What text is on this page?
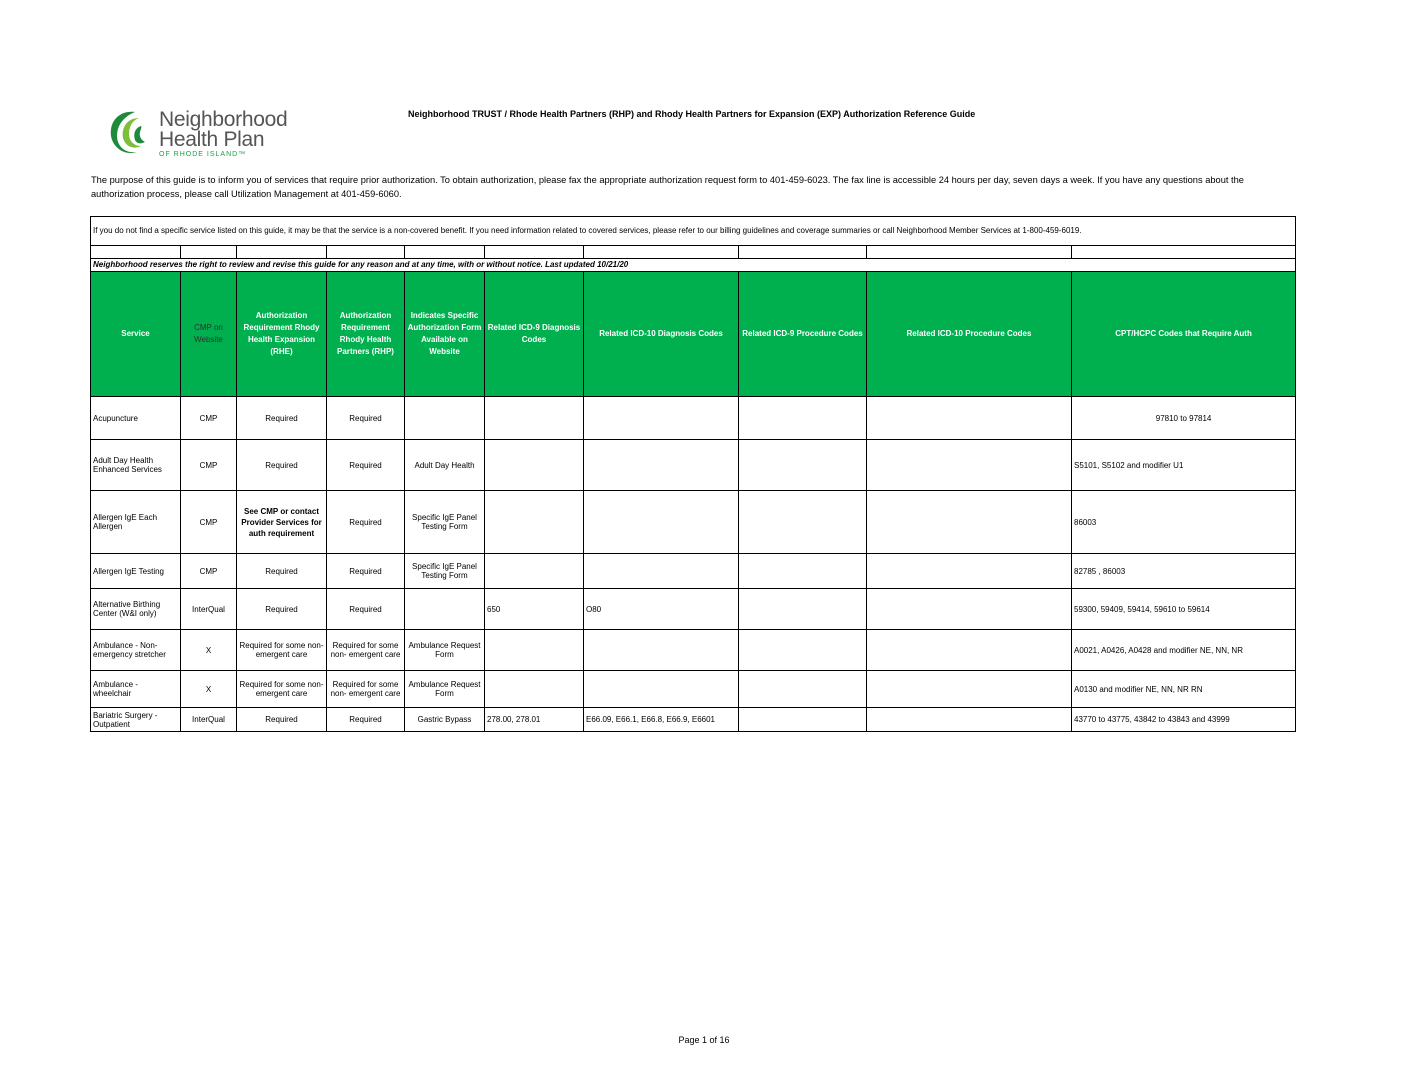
Neighborhood
Health Plan
OF RHODE ISLAND™
Neighborhood TRUST / Rhode Health Partners (RHP) and Rhody Health Partners for Expansion (EXP) Authorization Reference Guide
The purpose of this guide is to inform you of services that require prior authorization. To obtain authorization, please fax the appropriate authorization request form to 401-459-6023. The fax line is accessible 24 hours per day, seven days a week. If you have any questions about the authorization process, please call Utilization Management at 401-459-6060.
If you do not find a specific service listed on this guide, it may be that the service is a non-covered benefit. If you need information related to covered services, please refer to our billing guidelines and coverage summaries or call Neighborhood Member Services at 1-800-459-6019.									

Neighborhood reserves the right to review and revise this guide for any reason and at any time, with or without notice. Last updated 10/21/20									
Service	CMP on Website	Authorization Requirement Rhody Health Expansion (RHE)	Authorization Requirement Rhody Health Partners (RHP)	Indicates Specific Authorization Form Available on Website	Related ICD-9 Diagnosis Codes	Related ICD-10 Diagnosis Codes	Related ICD-9 Procedure Codes	Related ICD-10 Procedure Codes	CPT/HCPC Codes that Require Auth
Acupuncture	CMP	Required	Required						97810 to 97814
Adult Day Health Enhanced Services	CMP	Required	Required	Adult Day Health					S5101, S5102 and modifier U1
Allergen IgE Each Allergen	CMP	See CMP or contact Provider Services for auth requirement	Required	Specific IgE Panel Testing Form					86003
Allergen IgE Testing	CMP	Required	Required	Specific IgE Panel Testing Form					82785 , 86003
Alternative Birthing Center (W&I only)	InterQual	Required	Required		650	O80			59300, 59409, 59414, 59610 to 59614
Ambulance - Non-emergency stretcher	X	Required for some non-emergent care	Required for some non- emergent care	Ambulance Request Form					A0021, A0426, A0428 and modifier NE, NN, NR
Ambulance - wheelchair	X	Required for some non-emergent care	Required for some non- emergent care	Ambulance Request Form					A0130 and modifier NE, NN, NR RN
Bariatric Surgery - Outpatient	InterQual	Required	Required	Gastric Bypass	278.00, 278.01	E66.09, E66.1, E66.8, E66.9, E6601			43770 to 43775, 43842 to 43843 and 43999
Page 1 of 16
